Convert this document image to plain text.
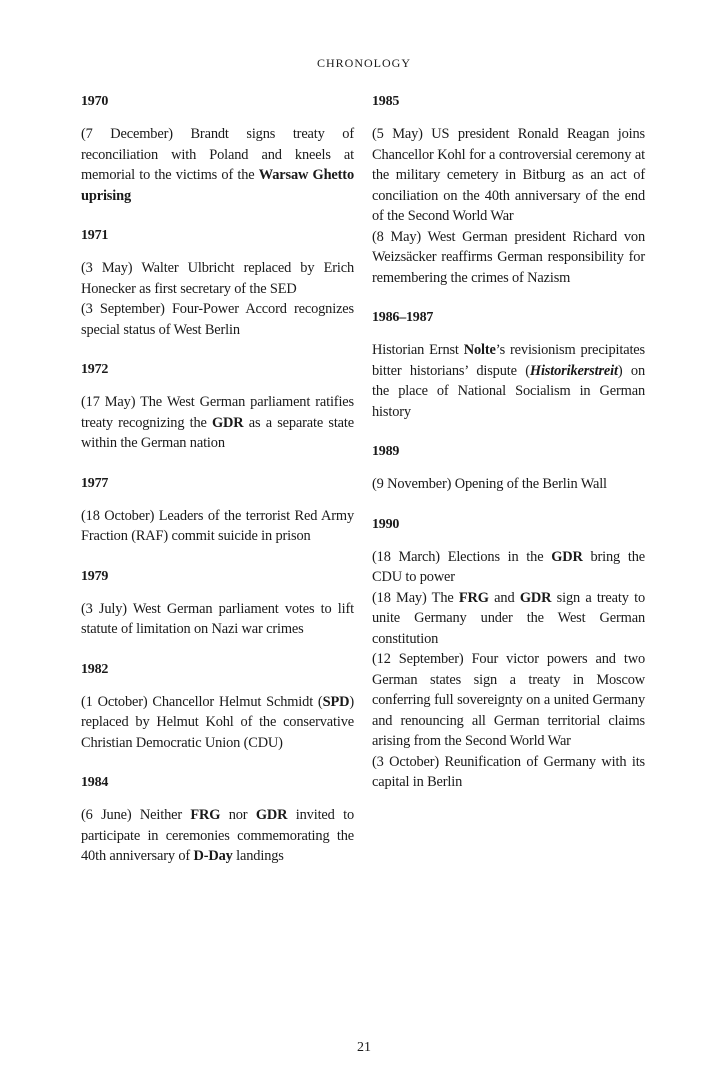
CHRONOLOGY
1970

(7 December) Brandt signs treaty of reconciliation with Poland and kneels at memorial to the victims of the Warsaw Ghetto uprising

1971

(3 May) Walter Ulbricht replaced by Erich Honecker as first secretary of the SED

(3 September) Four-Power Accord recognizes special status of West Berlin

1972

(17 May) The West German parliament ratifies treaty recognizing the GDR as a separate state within the German nation

1977

(18 October) Leaders of the terrorist Red Army Fraction (RAF) commit suicide in prison

1979

(3 July) West German parliament votes to lift statute of limitation on Nazi war crimes

1982

(1 October) Chancellor Helmut Schmidt (SPD) replaced by Helmut Kohl of the conservative Christian Democratic Union (CDU)

1984

(6 June) Neither FRG nor GDR invited to participate in ceremonies commemorating the 40th anniversary of D-Day landings

1985

(5 May) US president Ronald Reagan joins Chancellor Kohl for a controversial ceremony at the military cemetery in Bitburg as an act of conciliation on the 40th anniversary of the end of the Second World War

(8 May) West German president Richard von Weizsäcker reaffirms German responsibility for remembering the crimes of Nazism

1986–1987

Historian Ernst Nolte’s revisionism precipitates bitter historians’ dispute (Historikerstreit) on the place of National Socialism in German history

1989

(9 November) Opening of the Berlin Wall

1990

(18 March) Elections in the GDR bring the CDU to power

(18 May) The FRG and GDR sign a treaty to unite Germany under the West German constitution

(12 September) Four victor powers and two German states sign a treaty in Moscow conferring full sovereignty on a united Germany and renouncing all German territorial claims arising from the Second World War

(3 October) Reunification of Germany with its capital in Berlin

21
